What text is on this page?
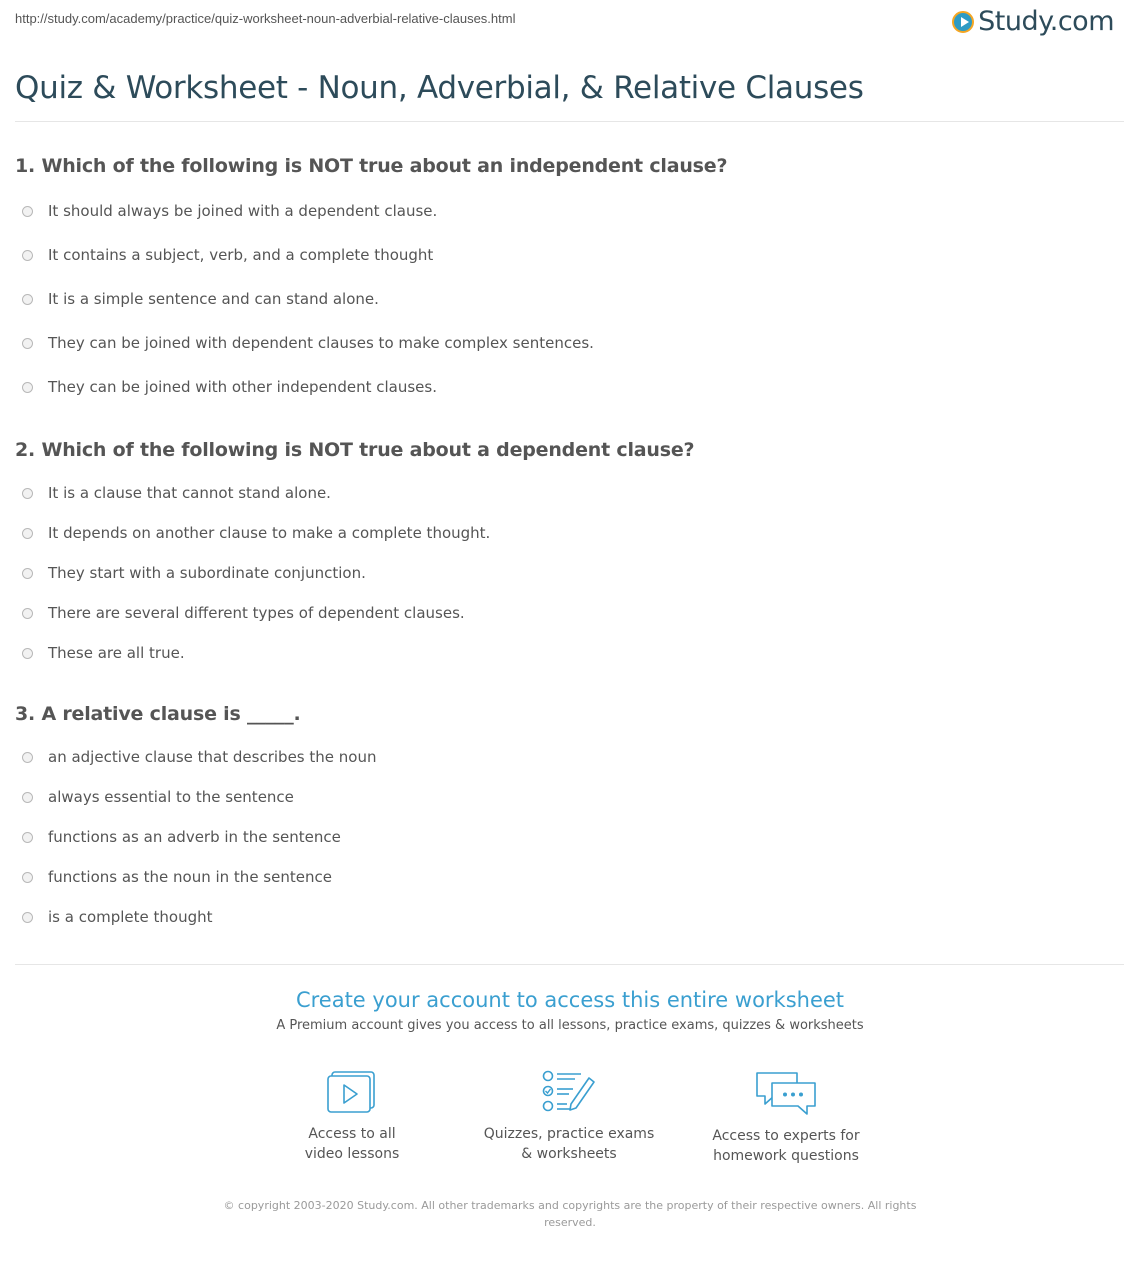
http://study.com/academy/practice/quiz-worksheet-noun-adverbial-relative-clauses.html	Study.com
Quiz & Worksheet - Noun, Adverbial, & Relative Clauses
1. Which of the following is NOT true about an independent clause?
It should always be joined with a dependent clause.
It contains a subject, verb, and a complete thought
It is a simple sentence and can stand alone.
They can be joined with dependent clauses to make complex sentences.
They can be joined with other independent clauses.
2. Which of the following is NOT true about a dependent clause?
It is a clause that cannot stand alone.
It depends on another clause to make a complete thought.
They start with a subordinate conjunction.
There are several different types of dependent clauses.
These are all true.
3. A relative clause is _____.
an adjective clause that describes the noun
always essential to the sentence
functions as an adverb in the sentence
functions as the noun in the sentence
is a complete thought
Create your account to access this entire worksheet
A Premium account gives you access to all lessons, practice exams, quizzes & worksheets
Access to all
video lessons
Quizzes, practice exams
& worksheets
Access to experts for
homework questions
© copyright 2003-2020 Study.com. All other trademarks and copyrights are the property of their respective owners. All rights reserved.
